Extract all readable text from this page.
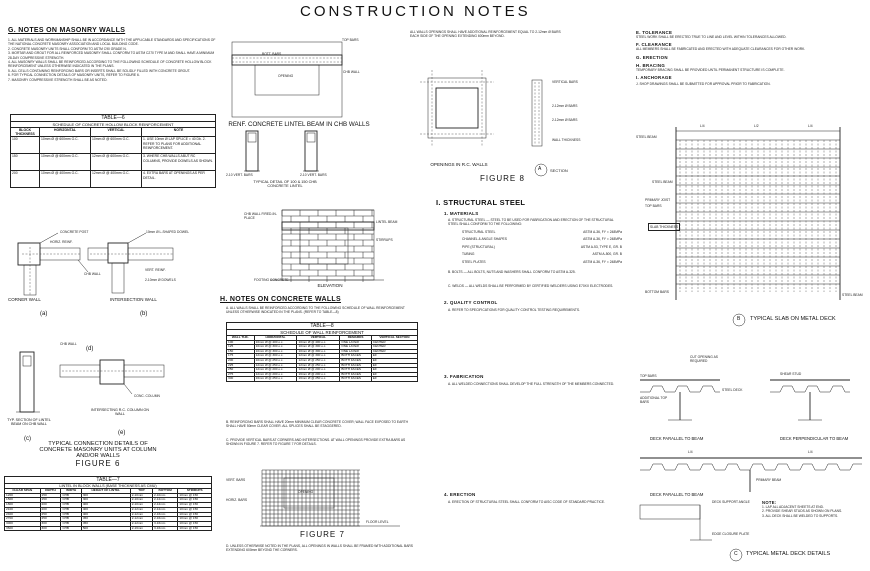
CONSTRUCTION NOTES
G. NOTES ON MASONRY WALLS
1. ALL MATERIALS AND WORKMANSHIP SHALL BE IN ACCORDANCE WITH THE APPLICABLE STANDARDS AND SPECIFICATIONS OF THE NATIONAL CONCRETE MASONRY ASSOCIATION AND LOCAL BUILDING CODE.
2. CONCRETE MASONRY UNITS SHALL CONFORM TO ASTM C90 GRADE N.
3. MORTAR AND GROUT FOR ALL REINFORCED MASONRY SHALL CONFORM TO ASTM C270 TYPE M AND SHALL HAVE A MINIMUM 28-DAY COMPRESSIVE STRENGTH.
4. ALL MASONRY WALLS SHALL BE REINFORCED ACCORDING TO THE FOLLOWING SCHEDULE OF CONCRETE HOLLOW BLOCK REINFORCEMENT UNLESS OTHERWISE INDICATED IN THE PLANS.
5. ALL CELLS CONTAINING REINFORCING BARS OR INSERTS SHALL BE SOLIDLY FILLED WITH CONCRETE GROUT.
6. FOR TYPICAL CONNECTION DETAILS OF MASONRY UNITS, REFER TO FIGURE 6.
7. MASONRY COMPRESSIVE STRENGTH SHALL BE AS NOTED.
TABLE—6
SCHEDULE OF CONCRETE HOLLOW BLOCK REINFORCEMENT
BLOCK THICKNESS	HORIZONTAL	VERTICAL	NOTE
100	10mm Ø @ 600mm O.C.	10mm Ø @ 600mm O.C.	1. USE 10mm Ø LAP SPLICE = 40 Db. 2. REFER TO PLANS FOR ADDITIONAL REINFORCEMENT.
150	10mm Ø @ 600mm O.C.	12mm Ø @ 600mm O.C.	3. WHERE CHB WALLS ABUT RC COLUMNS, PROVIDE DOWELS AS SHOWN.
200	10mm Ø @ 400mm O.C.	12mm Ø @ 400mm O.C.	4. EXTRA BARS AT OPENINGS AS PER DETAIL.
CONCRETE POST	10mm Ø L-SHAPED DOWEL
HORIZ. REINF.
CHB WALL
VERT. REINF.
2-10mm Ø DOWELS
CORNER WALL	INTERSECTION WALL
CHB WALL
CONC. COLUMN
TYP. SECTION OF LINTEL BEAM ON CHB WALL
INTERSECTING R.C. COLUMN ON WALL
(a)	(b)
(c)
(d)
(e)
TYPICAL CONNECTION DETAILS OF
CONCRETE MASONRY UNITS AT COLUMN
AND/OR WALLS
FIGURE 6
TABLE—7
LINTEL IN BLOCK WALLS (BASE THICKNESS AS CMU)
CLEAR SPAN	DEPTH	WIDTH	HEIGHT OF LINTEL	TOP	BOTTOM	STIRRUPS
1200	150	CHB	300	2-10mm	2-10mm	10mm @ 150
1500	150	CHB	300	2-10mm	2-12mm	10mm @ 150
1800	200	CHB	400	2-10mm	2-12mm	10mm @ 150
2100	200	CHB	400	2-12mm	2-12mm	10mm @ 150
2400	250	CHB	400	2-12mm	2-16mm	10mm @ 150
2700	250	CHB	450	2-12mm	2-16mm	10mm @ 150
3000	300	CHB	450	2-12mm	3-16mm	10mm @ 150
3600	300	CHB	500	2-16mm	3-16mm	10mm @ 150
TOP BARS
OPENING
CHB WALL
BOTT. BARS
RENF. CONCRETE LINTEL BEAM IN CHB WALLS
2-10 VERT. BARS	2-10 VERT. BARS
TYPICAL DETAIL OF 100 & 150 CHB CONCRETE LINTEL
CHB WALL FIRED-IN-PLACE
LINTEL BEAM
FOOTING CONCRETE
STIRRUPS
ELEVATION
H. NOTES ON CONCRETE WALLS
A. ALL WALLS SHALL BE REINFORCED ACCORDING TO THE FOLLOWING SCHEDULE OF WALL REINFORCEMENT UNLESS OTHERWISE INDICATED IN THE PLANS. (REFER TO TABLE—8)
TABLE—8
SCHEDULE OF WALL REINFORCEMENT
WALL THK.	HORIZONTAL	VERTICAL	REMARKS	VERTICAL SECTION
100	10mm Ø @ 400 o.c.	10mm Ø @ 400 o.c.	ONE LAYER	CENTER
125	10mm Ø @ 300 o.c.	10mm Ø @ 300 o.c.	ONE LAYER	CENTER
150	10mm Ø @ 300 o.c.	10mm Ø @ 300 o.c.	ONE LAYER	CENTER
175	12mm Ø @ 300 o.c.	12mm Ø @ 300 o.c.	BOTH FACES	EF
200	10mm Ø @ 250 o.c.	12mm Ø @ 250 o.c.	BOTH FACES	EF
225	12mm Ø @ 250 o.c.	12mm Ø @ 250 o.c.	BOTH FACES	EF
250	12mm Ø @ 200 o.c.	12mm Ø @ 200 o.c.	BOTH FACES	EF
275	12mm Ø @ 200 o.c.	16mm Ø @ 200 o.c.	BOTH FACES	EF
300	16mm Ø @ 250 o.c.	16mm Ø @ 250 o.c.	BOTH FACES	EF
B. REINFORCING BARS SHALL HAVE 20mm MINIMUM CLEAR CONCRETE COVER; WALL FACE EXPOSED TO EARTH SHALL HAVE 50mm CLEAR COVER. ALL SPLICES SHALL BE STAGGERED.
C. PROVIDE VERTICAL BARS AT CORNERS AND INTERSECTIONS. AT WALL OPENINGS PROVIDE EXTRA BARS AS SHOWN IN FIGURE 7. REFER TO FIGURE 7 FOR DETAILS.
VERT. BARS
HORIZ. BARS
FLOOR LEVEL
OPENING
FIGURE 7
D. UNLESS OTHERWISE NOTED IN THE PLANS, ALL OPENINGS IN WALLS SHALL BE FRAMED WITH ADDITIONAL BARS EXTENDING 600mm BEYOND THE CORNERS.
ALL WALLS OPENINGS SHALL HAVE ADDITIONAL REINFORCEMENT EQUAL TO 2-12mm Ø BARS EACH SIDE OF THE OPENING EXTENDING 600mm BEYOND.
VERTICAL BARS
2-12mm Ø BARS
2-12mm Ø BARS
WALL THICKNESS
OPENINGS IN R.C. WALLS
FIGURE 8
A SECTION
I. STRUCTURAL STEEL
1. MATERIALS
A. STRUCTURAL STEEL — STEEL TO BE USED FOR FABRICATION AND ERECTION OF THE STRUCTURAL STEEL SHALL CONFORM TO THE FOLLOWING:
STRUCTURAL STEEL	ASTM A-36, FY = 248MPa
CHANNEL & ANGLE SHAPES	ASTM A-36, FY = 248MPa
PIPE (STRUCTURAL)	ASTM A-53, TYPE E, GR. B
TUBING	ASTM A-500, GR. B
STEEL PLATES	ASTM A-36, FY = 248MPa
B. BOLTS — ALL BOLTS, NUTS AND WASHERS SHALL CONFORM TO ASTM A-325.
C. WELDS — ALL WELDS SHALL BE PERFORMED BY CERTIFIED WELDERS USING E70XX ELECTRODES.
2. QUALITY CONTROL
A. REFER TO SPECIFICATIONS FOR QUALITY CONTROL TESTING REQUIREMENTS.
3. FABRICATION
A. ALL WELDED CONNECTIONS SHALL DEVELOP THE FULL STRENGTH OF THE MEMBERS CONNECTED.
4. ERECTION
A. ERECTION OF STRUCTURAL STEEL SHALL CONFORM TO AISC CODE OF STANDARD PRACTICE.
E. TOLERANCE
STEEL WORK SHALL BE ERECTED TRUE TO LINE AND LEVEL WITHIN TOLERANCES ALLOWED.
F. CLEARANCE
ALL MEMBERS SHALL BE FABRICATED AND ERECTED WITH ADEQUATE CLEARANCES FOR OTHER WORK.
G. ERECTION
H. BRACING
TEMPORARY BRACING SHALL BE PROVIDED UNTIL PERMANENT STRUCTURE IS COMPLETE.
I. ANCHORAGE
J. SHOP DRAWINGS SHALL BE SUBMITTED FOR APPROVAL PRIOR TO FABRICATION.
STEEL BEAM
L/4	L/2	L/4
STEEL BEAM
PRIMARY JOIST
TOP BARS
SLAB THICKNESS
BOTTOM BARS
STEEL BEAM
B TYPICAL SLAB ON METAL DECK
CUT OPENING AS REQUIRED
TOP BARS
STEEL DECK
SHEAR STUD
ADDITIONAL TOP BARS
DECK PARALLEL TO BEAM	DECK PERPENDICULAR TO BEAM
L/4	L/4
PRIMARY BEAM
DECK PARALLEL TO BEAM
DECK SUPPORT ANGLE
EDGE CLOSURE PLATE
C TYPICAL METAL DECK DETAILS
NOTE:
1. LAP ALL ADJACENT SHEETS AT END.
2. PROVIDE SHEAR STUDS AS SHOWN ON PLANS.
3. ALL DECK SHALL BE WELDED TO SUPPORTS.
